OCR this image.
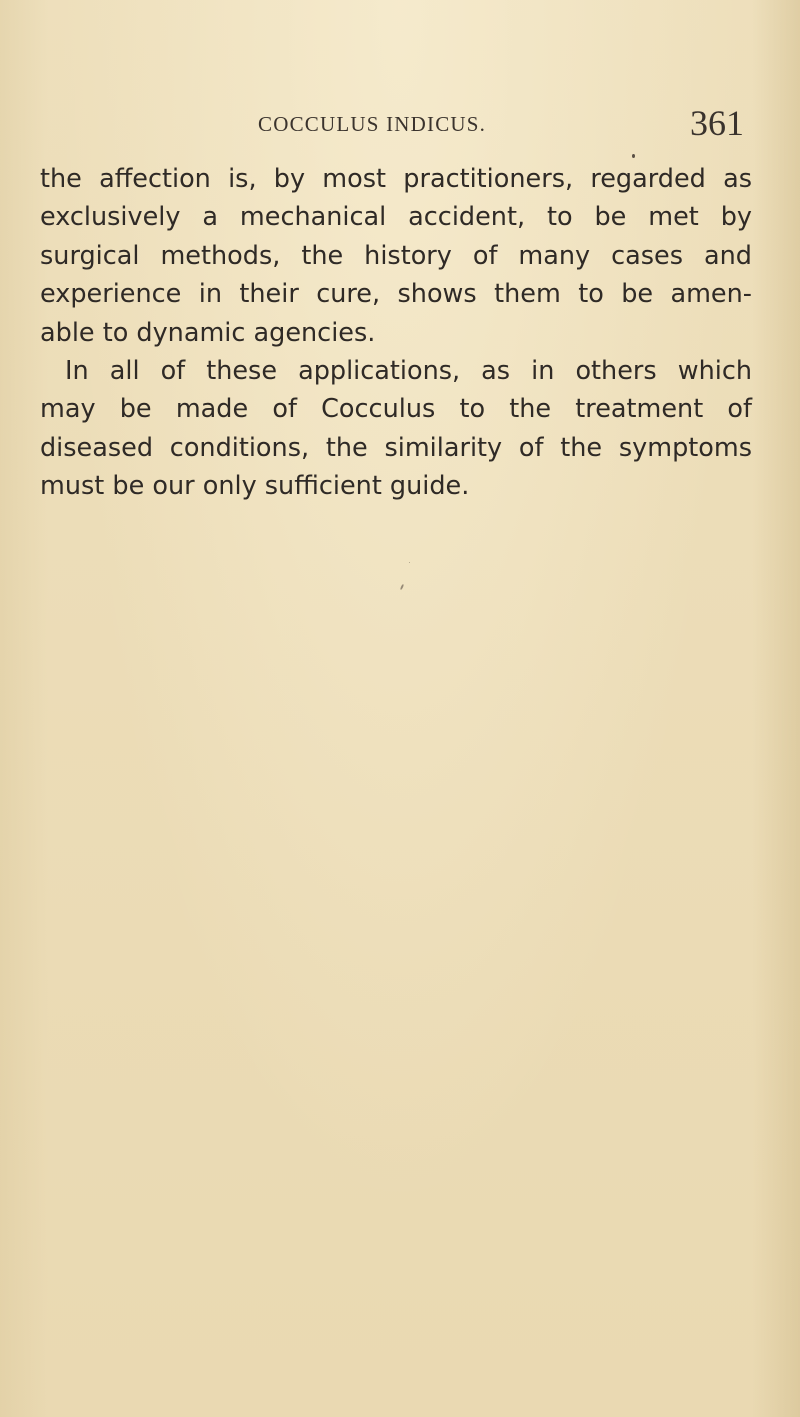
COCCULUS INDICUS.	361

the affection is, by most practitioners, regarded as
exclusively a mechanical accident, to be met by
surgical methods, the history of many cases and
experience in their cure, shows them to be amen-
able to dynamic agencies.

In all of these applications, as in others which
may be made of Cocculus to the treatment of
diseased conditions, the similarity of the symptoms
must be our only sufficient guide.
